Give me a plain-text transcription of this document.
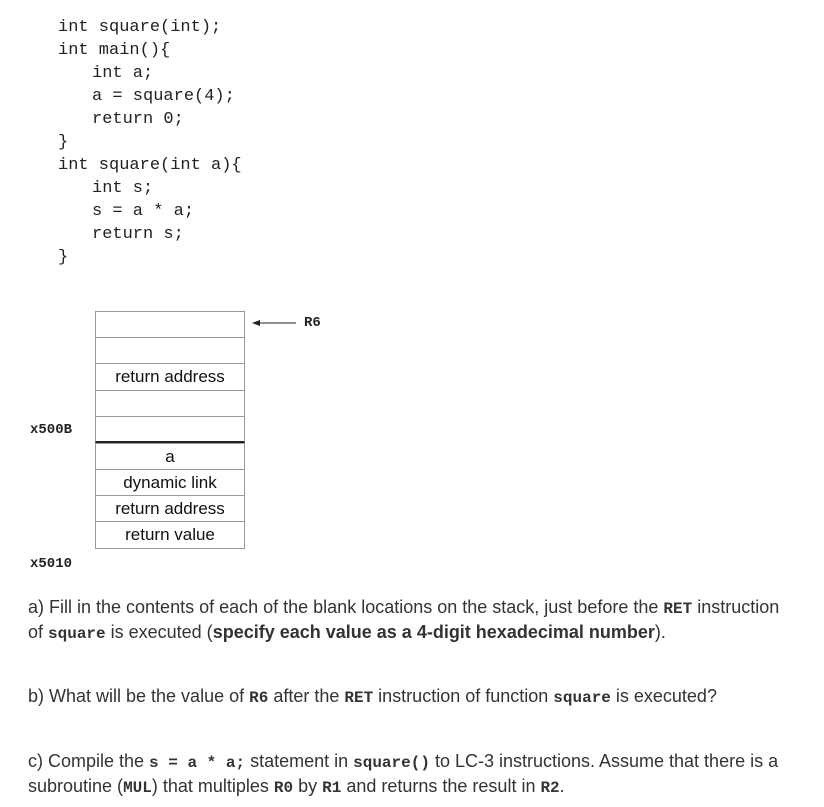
int square(int);
int main(){
int a;
a = square(4);
return 0;
}
int square(int a){
int s;
s = a * a;
return s;
}
return address
a
dynamic link
return address
return value
R6
x500B
x5010
a) Fill in the contents of each of the blank locations on the stack, just before the RET instruction of square is executed (specify each value as a 4-digit hexadecimal number).
b) What will be the value of R6 after the RET instruction of function square is executed?
c) Compile the s = a * a; statement in square() to LC-3 instructions. Assume that there is a subroutine (MUL) that multiples R0 by R1 and returns the result in R2.
